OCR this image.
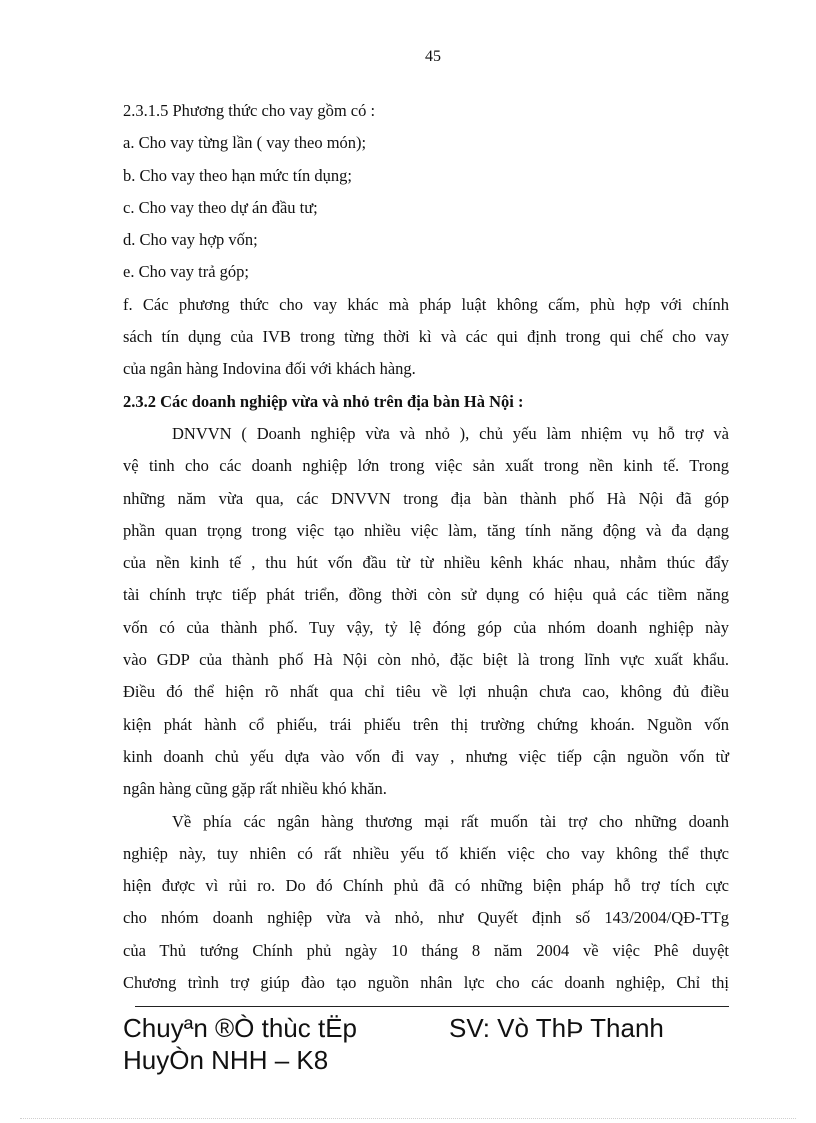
45
2.3.1.5 Phương thức cho vay gồm có :
a. Cho vay từng lần ( vay theo món);
b. Cho vay theo hạn mức tín dụng;
c. Cho vay theo dự án đầu tư;
d. Cho vay hợp vốn;
e. Cho vay trả góp;
f. Các phương thức cho vay khác mà pháp luật không cấm, phù hợp với chính
sách tín dụng của IVB trong từng thời kì và các qui định trong qui chế cho vay
của ngân hàng Indovina đối với khách hàng.
2.3.2 Các doanh nghiệp vừa và nhỏ trên địa bàn Hà Nội :
DNVVN ( Doanh nghiệp vừa và nhỏ ), chủ yếu làm nhiệm vụ hỗ trợ và
vệ tinh cho các doanh nghiệp lớn trong việc sản xuất trong nền kinh tế. Trong
những năm vừa qua, các DNVVN trong địa bàn thành phố Hà Nội đã góp
phần quan trọng trong việc tạo nhiều việc làm, tăng tính năng động và đa dạng
của nền kinh tế , thu hút vốn đầu từ từ nhiều kênh khác nhau, nhằm thúc đẩy
tài chính trực tiếp phát triển, đồng thời còn sử dụng có hiệu quả các tiềm năng
vốn có của thành phố. Tuy vậy, tỷ lệ đóng góp của nhóm doanh nghiệp này
vào GDP của thành phố Hà Nội còn nhỏ, đặc biệt là trong lĩnh vực xuất khẩu.
Điều đó thể hiện rõ nhất qua chỉ tiêu về lợi nhuận chưa cao, không đủ điều
kiện phát hành cổ phiếu, trái phiếu trên thị trường chứng khoán. Nguồn vốn
kinh doanh chủ yếu dựa vào vốn đi vay , nhưng việc tiếp cận nguồn vốn từ
ngân hàng cũng gặp rất nhiều khó khăn.
Về phía các ngân hàng thương mại rất muốn tài trợ cho những doanh
nghiệp này, tuy nhiên có rất nhiều yếu tố khiến việc cho vay không thể thực
hiện được vì rủi ro. Do đó Chính phủ đã có những biện pháp hỗ trợ tích cực
cho nhóm doanh nghiệp vừa và nhỏ, như Quyết định số 143/2004/QĐ-TTg
của Thủ tướng Chính phủ ngày 10 tháng 8 năm 2004 về việc Phê duyệt
Chương trình trợ giúp đào tạo nguồn nhân lực cho các doanh nghiệp, Chỉ thị
Chuyªn ®Ò thùc tËp	SV: Vò ThÞ Thanh
HuyÒn NHH – K8
